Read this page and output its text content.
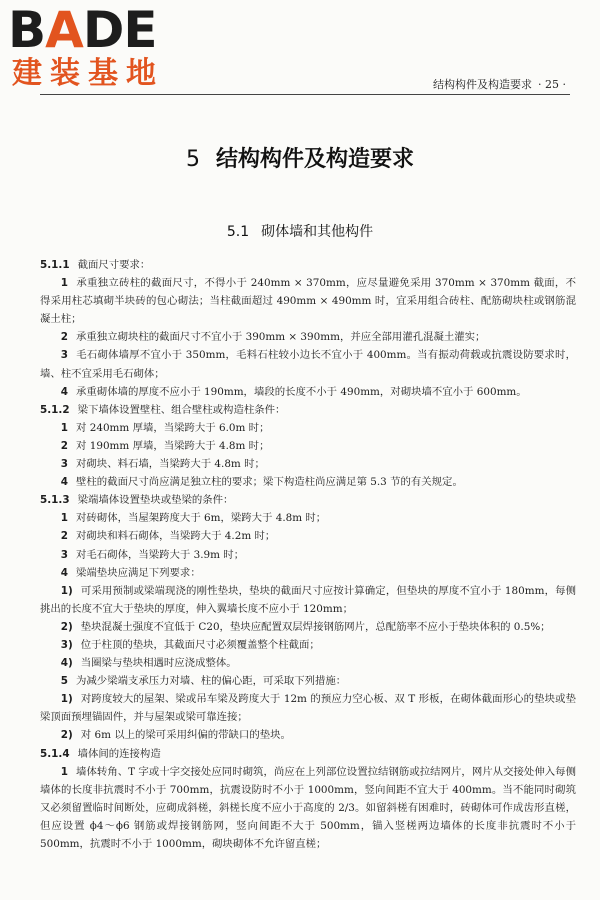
BADE
建装基地	结构构件及构造要求 · 25 ·
5 结构构件及构造要求
5.1 砌体墙和其他构件

5.1.1 截面尺寸要求：

1 承重独立砖柱的截面尺寸，不得小于 240mm × 370mm，应尽量避免采用 370mm × 370mm 截面，不得采用柱芯填砌半块砖的包心砌法；当柱截面超过 490mm × 490mm 时，宜采用组合砖柱、配筋砌块柱或钢筋混凝土柱；

2 承重独立砌块柱的截面尺寸不宜小于 390mm × 390mm，并应全部用灌孔混凝土灌实；

3 毛石砌体墙厚不宜小于 350mm，毛料石柱较小边长不宜小于 400mm。当有振动荷载或抗震设防要求时，墙、柱不宜采用毛石砌体；

4 承重砌体墙的厚度不应小于 190mm，墙段的长度不小于 490mm，对砌块墙不宜小于 600mm。

5.1.2 梁下墙体设置壁柱、组合壁柱或构造柱条件：

1 对 240mm 厚墙，当梁跨大于 6.0m 时；

2 对 190mm 厚墙，当梁跨大于 4.8m 时；

3 对砌块、料石墙，当梁跨大于 4.8m 时；

4 壁柱的截面尺寸尚应满足独立柱的要求；梁下构造柱尚应满足第 5.3 节的有关规定。

5.1.3 梁端墙体设置垫块或垫梁的条件：

1 对砖砌体，当屋架跨度大于 6m，梁跨大于 4.8m 时；

2 对砌块和料石砌体，当梁跨大于 4.2m 时；

3 对毛石砌体，当梁跨大于 3.9m 时；

4 梁端垫块应满足下列要求：

1) 可采用预制或梁端现浇的刚性垫块，垫块的截面尺寸应按计算确定，但垫块的厚度不宜小于 180mm，每侧挑出的长度不宜大于垫块的厚度，伸入翼墙长度不应小于 120mm；

2) 垫块混凝土强度不宜低于 C20，垫块应配置双层焊接钢筋网片，总配筋率不应小于垫块体积的 0.5%；

3) 位于柱顶的垫块，其截面尺寸必须覆盖整个柱截面；

4) 当圈梁与垫块相遇时应浇成整体。

5 为减少梁端支承压力对墙、柱的偏心距，可采取下列措施：

1) 对跨度较大的屋架、梁或吊车梁及跨度大于 12m 的预应力空心板、双 T 形板，在砌体截面形心的垫块或垫梁顶面预埋锚固件，并与屋架或梁可靠连接；

2) 对 6m 以上的梁可采用纠偏的带缺口的垫块。

5.1.4 墙体间的连接构造

1 墙体转角、T 字或十字交接处应同时砌筑，尚应在上列部位设置拉结钢筋或拉结网片，网片从交接处伸入每侧墙体的长度非抗震时不小于 700mm，抗震设防时不小于 1000mm，竖向间距不宜大于 400mm。当不能同时砌筑又必须留置临时间断处，应砌成斜槎，斜槎长度不应小于高度的 2/3。如留斜槎有困难时，砖砌体可作成齿形直槎，但应设置 ϕ4～ϕ6 钢筋或焊接钢筋网，竖向间距不大于 500mm，锚入竖槎两边墙体的长度非抗震时不小于 500mm，抗震时不小于 1000mm，砌块砌体不允许留直槎；
